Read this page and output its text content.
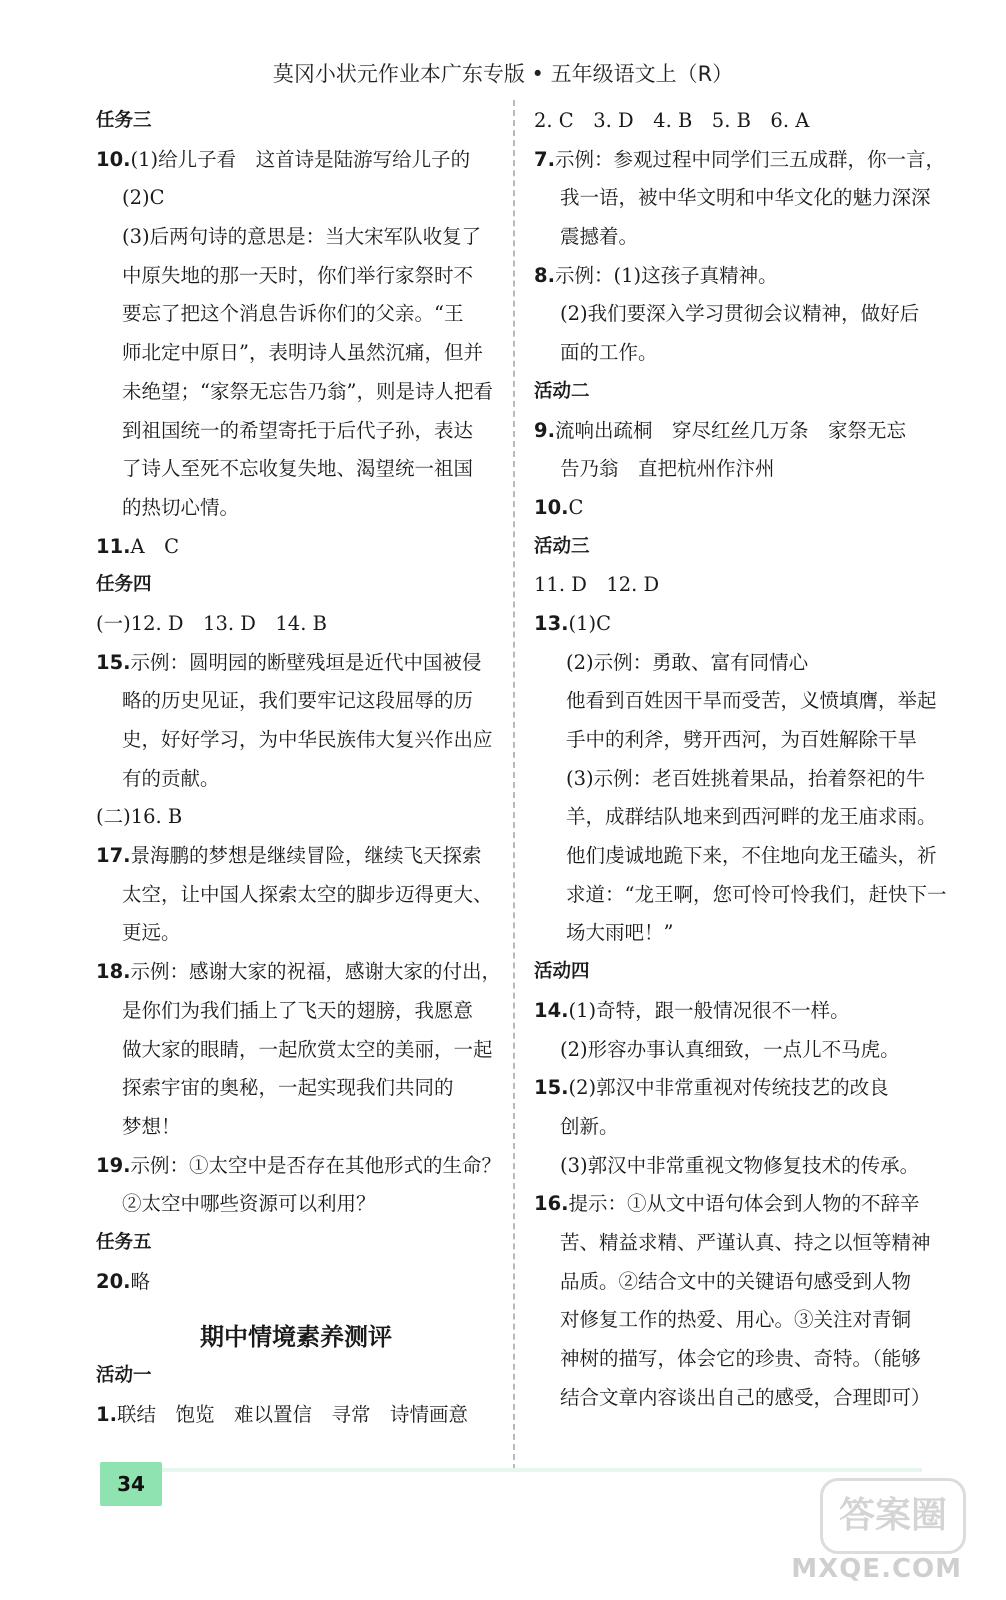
莫冈小状元作业本广东专版 • 五年级语文上（R）
任务三
10.(1)给儿子看　这首诗是陆游写给儿子的
(2)C
(3)后两句诗的意思是：当大宋军队收复了
中原失地的那一天时，你们举行家祭时不
要忘了把这个消息告诉你们的父亲。“王
师北定中原日”，表明诗人虽然沉痛，但并
未绝望；“家祭无忘告乃翁”，则是诗人把看
到祖国统一的希望寄托于后代子孙，表达
了诗人至死不忘收复失地、渴望统一祖国
的热切心情。
11.A　C
任务四
(一)12. D　13. D　14. B
15.示例：圆明园的断壁残垣是近代中国被侵
略的历史见证，我们要牢记这段屈辱的历
史，好好学习，为中华民族伟大复兴作出应
有的贡献。
(二)16. B
17.景海鹏的梦想是继续冒险，继续飞天探索
太空，让中国人探索太空的脚步迈得更大、
更远。
18.示例：感谢大家的祝福，感谢大家的付出，
是你们为我们插上了飞天的翅膀，我愿意
做大家的眼睛，一起欣赏太空的美丽，一起
探索宇宙的奥秘，一起实现我们共同的
梦想！
19.示例：①太空中是否存在其他形式的生命？
②太空中哪些资源可以利用？
任务五
20.略
期中情境素养测评
活动一
1.联结　饱览　难以置信　寻常　诗情画意
2. C　3. D　4. B　5. B　6. A
7.示例：参观过程中同学们三五成群，你一言，
我一语，被中华文明和中华文化的魅力深深
震撼着。
8.示例：(1)这孩子真精神。
(2)我们要深入学习贯彻会议精神，做好后
面的工作。
活动二
9.流响出疏桐　穿尽红丝几万条　家祭无忘
告乃翁　直把杭州作汴州
10.C
活动三
11. D　12. D
13.(1)C
(2)示例：勇敢、富有同情心
他看到百姓因干旱而受苦，义愤填膺，举起
手中的利斧，劈开西河，为百姓解除干旱
(3)示例：老百姓挑着果品，抬着祭祀的牛
羊，成群结队地来到西河畔的龙王庙求雨。
他们虔诚地跪下来，不住地向龙王磕头，祈
求道：“龙王啊，您可怜可怜我们，赶快下一
场大雨吧！”
活动四
14.(1)奇特，跟一般情况很不一样。
(2)形容办事认真细致，一点儿不马虎。
15.(2)郭汉中非常重视对传统技艺的改良
创新。
(3)郭汉中非常重视文物修复技术的传承。
16.提示：①从文中语句体会到人物的不辞辛
苦、精益求精、严谨认真、持之以恒等精神
品质。②结合文中的关键语句感受到人物
对修复工作的热爱、用心。③关注对青铜
神树的描写，体会它的珍贵、奇特。（能够
结合文章内容谈出自己的感受，合理即可）
34
答案圈
MXQE.COM
